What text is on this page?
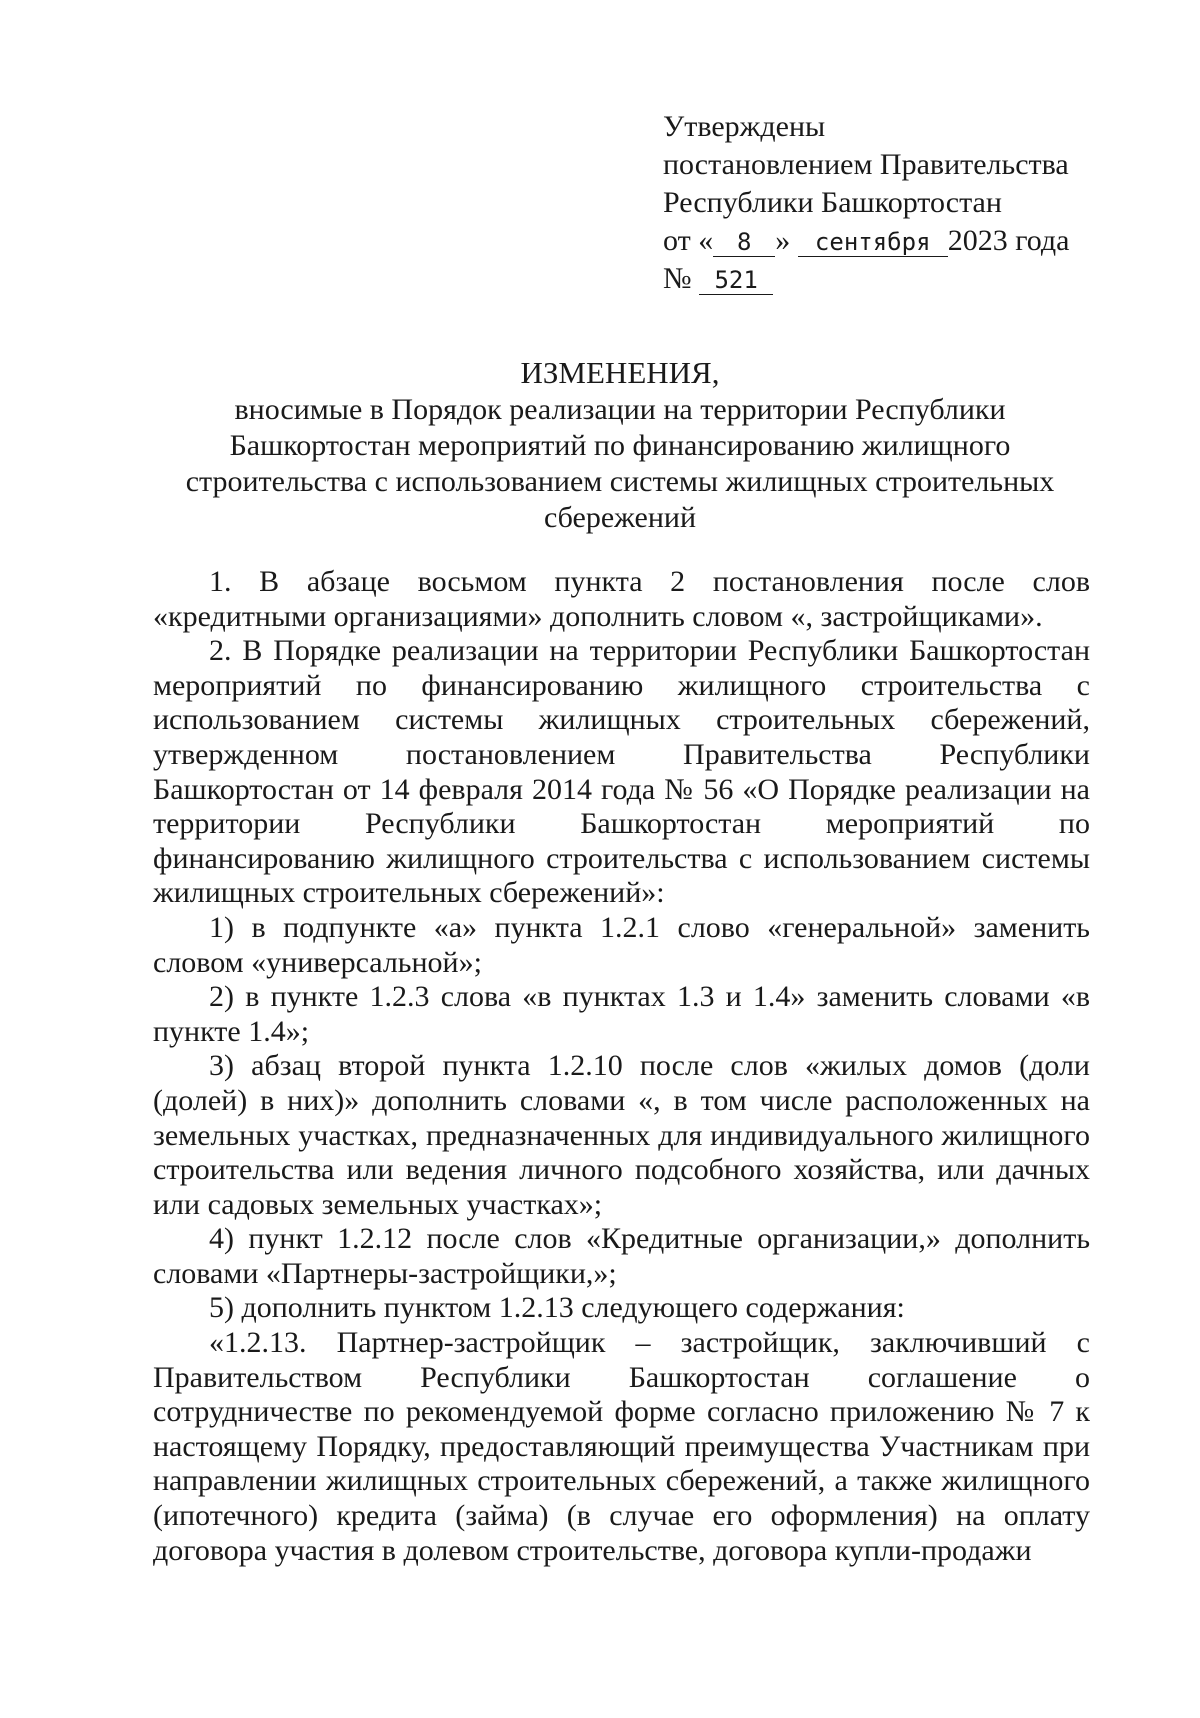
Утверждены
постановлением Правительства
Республики Башкортостан
от « 8 » сентября 2023 года
№ 521
ИЗМЕНЕНИЯ,
вносимые в Порядок реализации на территории Республики Башкортостан мероприятий по финансированию жилищного строительства с использованием системы жилищных строительных сбережений

1. В абзаце восьмом пункта 2 постановления после слов «кредитными организациями» дополнить словом «, застройщиками».

2. В Порядке реализации на территории Республики Башкортостан мероприятий по финансированию жилищного строительства с использованием системы жилищных строительных сбережений, утвержденном постановлением Правительства Республики Башкортостан от 14 февраля 2014 года № 56 «О Порядке реализации на территории Республики Башкортостан мероприятий по финансированию жилищного строительства с использованием системы жилищных строительных сбережений»:

1) в подпункте «а» пункта 1.2.1 слово «генеральной» заменить словом «универсальной»;

2) в пункте 1.2.3 слова «в пунктах 1.3 и 1.4» заменить словами «в пункте 1.4»;

3) абзац второй пункта 1.2.10 после слов «жилых домов (доли (долей) в них)» дополнить словами «, в том числе расположенных на земельных участках, предназначенных для индивидуального жилищного строительства или ведения личного подсобного хозяйства, или дачных или садовых земельных участках»;

4) пункт 1.2.12 после слов «Кредитные организации,» дополнить словами «Партнеры-застройщики,»;

5) дополнить пунктом 1.2.13 следующего содержания:

«1.2.13. Партнер-застройщик – застройщик, заключивший с Правительством Республики Башкортостан соглашение о сотрудничестве по рекомендуемой форме согласно приложению № 7 к настоящему Порядку, предоставляющий преимущества Участникам при направлении жилищных строительных сбережений, а также жилищного (ипотечного) кредита (займа) (в случае его оформления) на оплату договора участия в долевом строительстве, договора купли-продажи
